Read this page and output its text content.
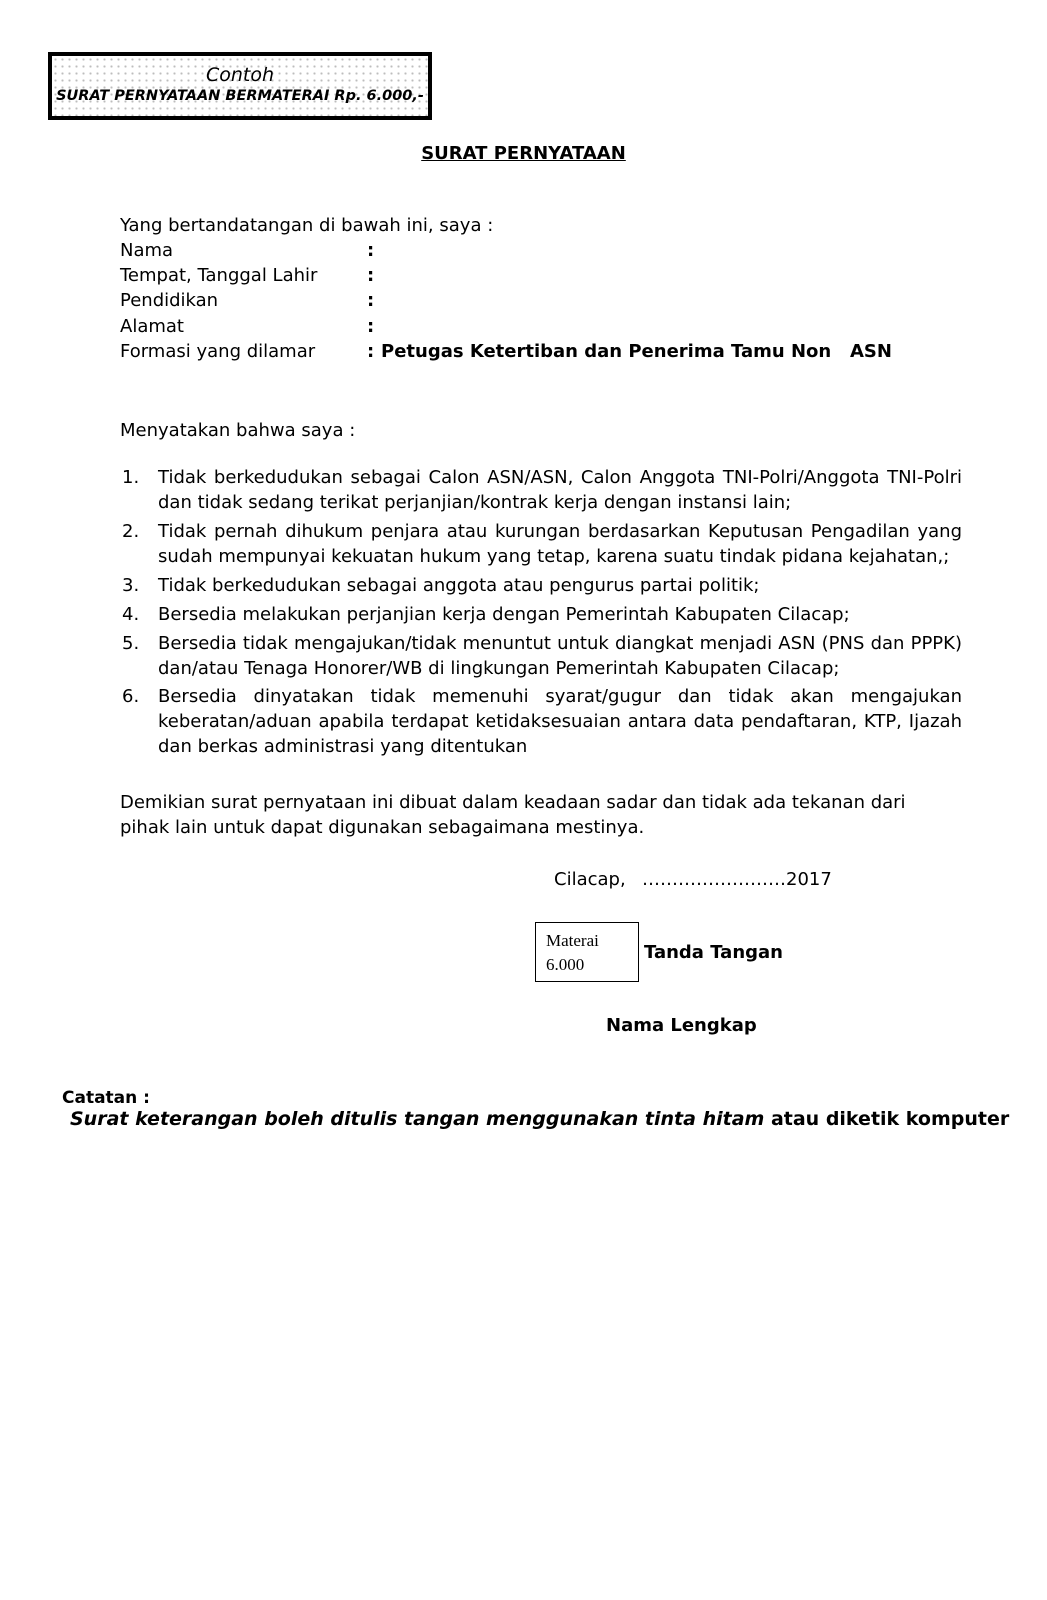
Contoh
SURAT PERNYATAAN BERMATERAI Rp. 6.000,-
SURAT PERNYATAAN
Yang bertandatangan di bawah ini, saya :
Nama	:
Tempat, Tanggal Lahir	:
Pendidikan	:
Alamat	:
Formasi yang dilamar	: Petugas Ketertiban dan Penerima Tamu Non   ASN
Menyatakan bahwa saya :
1. Tidak berkedudukan sebagai Calon ASN/ASN, Calon Anggota TNI-Polri/Anggota TNI-Polri dan tidak sedang terikat perjanjian/kontrak kerja dengan instansi lain;
2. Tidak pernah dihukum penjara atau kurungan berdasarkan Keputusan Pengadilan yang sudah mempunyai kekuatan hukum yang tetap, karena suatu tindak pidana kejahatan,;
3. Tidak berkedudukan sebagai anggota atau pengurus partai politik;
4. Bersedia melakukan perjanjian kerja dengan Pemerintah Kabupaten Cilacap;
5. Bersedia tidak mengajukan/tidak menuntut untuk diangkat menjadi ASN (PNS dan PPPK) dan/atau Tenaga Honorer/WB di lingkungan Pemerintah Kabupaten Cilacap;
6. Bersedia dinyatakan tidak memenuhi syarat/gugur dan tidak akan mengajukan keberatan/aduan apabila terdapat ketidaksesuaian antara data pendaftaran, KTP, Ijazah dan berkas administrasi yang ditentukan
Demikian surat pernyataan ini dibuat dalam keadaan sadar dan tidak ada tekanan dari pihak lain untuk dapat digunakan sebagaimana mestinya.
Cilacap, ……………………2017
Materai
6.000
Tanda Tangan
Nama Lengkap
Catatan :
Surat keterangan boleh ditulis tangan menggunakan tinta hitam atau diketik komputer
